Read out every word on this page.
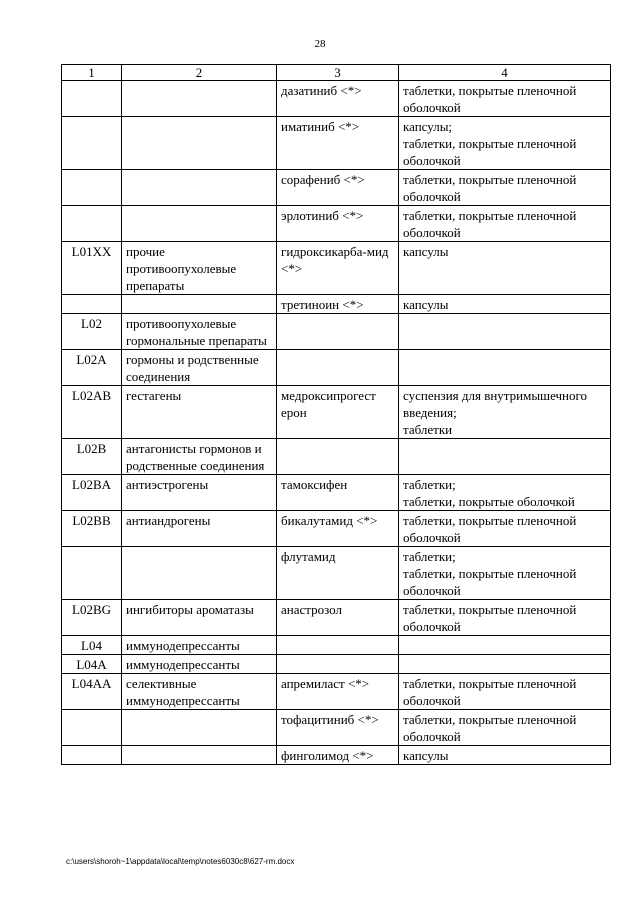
28
1	2	3	4
		дазатиниб <*>	таблетки, покрытые пленочной оболочкой
		иматиниб <*>	капсулы;
таблетки, покрытые пленочной оболочкой
		сорафениб <*>	таблетки, покрытые пленочной оболочкой
		эрлотиниб <*>	таблетки, покрытые пленочной оболочкой
L01XX	прочие противоопухолевые препараты	гидроксикарба-мид <*>	капсулы
		третиноин <*>	капсулы
L02	противоопухолевые гормональные препараты		
L02A	гормоны и родственные соединения		
L02AB	гестагены	медроксипрогест ерон	суспензия для внутримышечного введения;
таблетки
L02B	антагонисты гормонов и родственные соединения		
L02BA	антиэстрогены	тамоксифен	таблетки;
таблетки, покрытые оболочкой
L02BB	антиандрогены	бикалутамид <*>	таблетки, покрытые пленочной оболочкой
		флутамид	таблетки;
таблетки, покрытые пленочной оболочкой
L02BG	ингибиторы ароматазы	анастрозол	таблетки, покрытые пленочной оболочкой
L04	иммунодепрессанты		
L04A	иммунодепрессанты		
L04AA	селективные иммунодепрессанты	апремиласт <*>	таблетки, покрытые пленочной оболочкой
		тофацитиниб <*>	таблетки, покрытые пленочной оболочкой
		финголимод <*>	капсулы
c:\users\shoroh~1\appdata\local\temp\notes6030c8\627-rm.docx
